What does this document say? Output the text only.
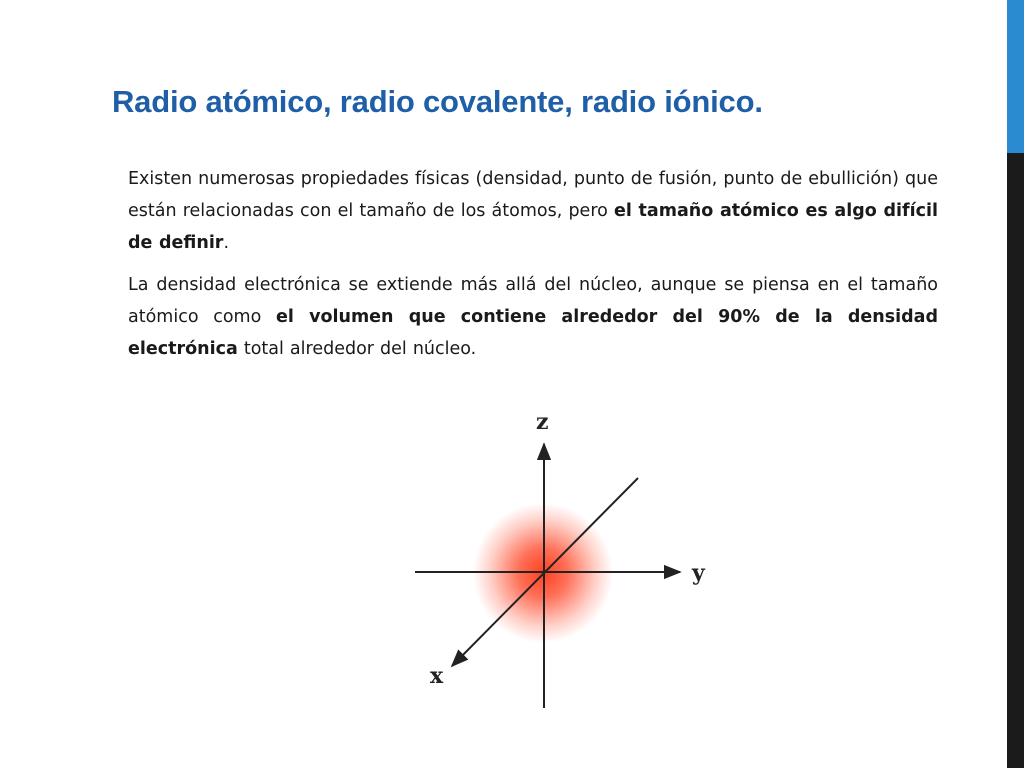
Radio atómico, radio covalente, radio iónico.

Existen numerosas propiedades físicas (densidad, punto de fusión, punto de ebullición) que están relacionadas con el tamaño de los átomos, pero el tamaño atómico es algo difícil de definir.

La densidad electrónica se extiende más allá del núcleo, aunque se piensa en el tamaño atómico como el volumen que contiene alrededor del 90% de la densidad electrónica total alrededor del núcleo.

z
y
x
